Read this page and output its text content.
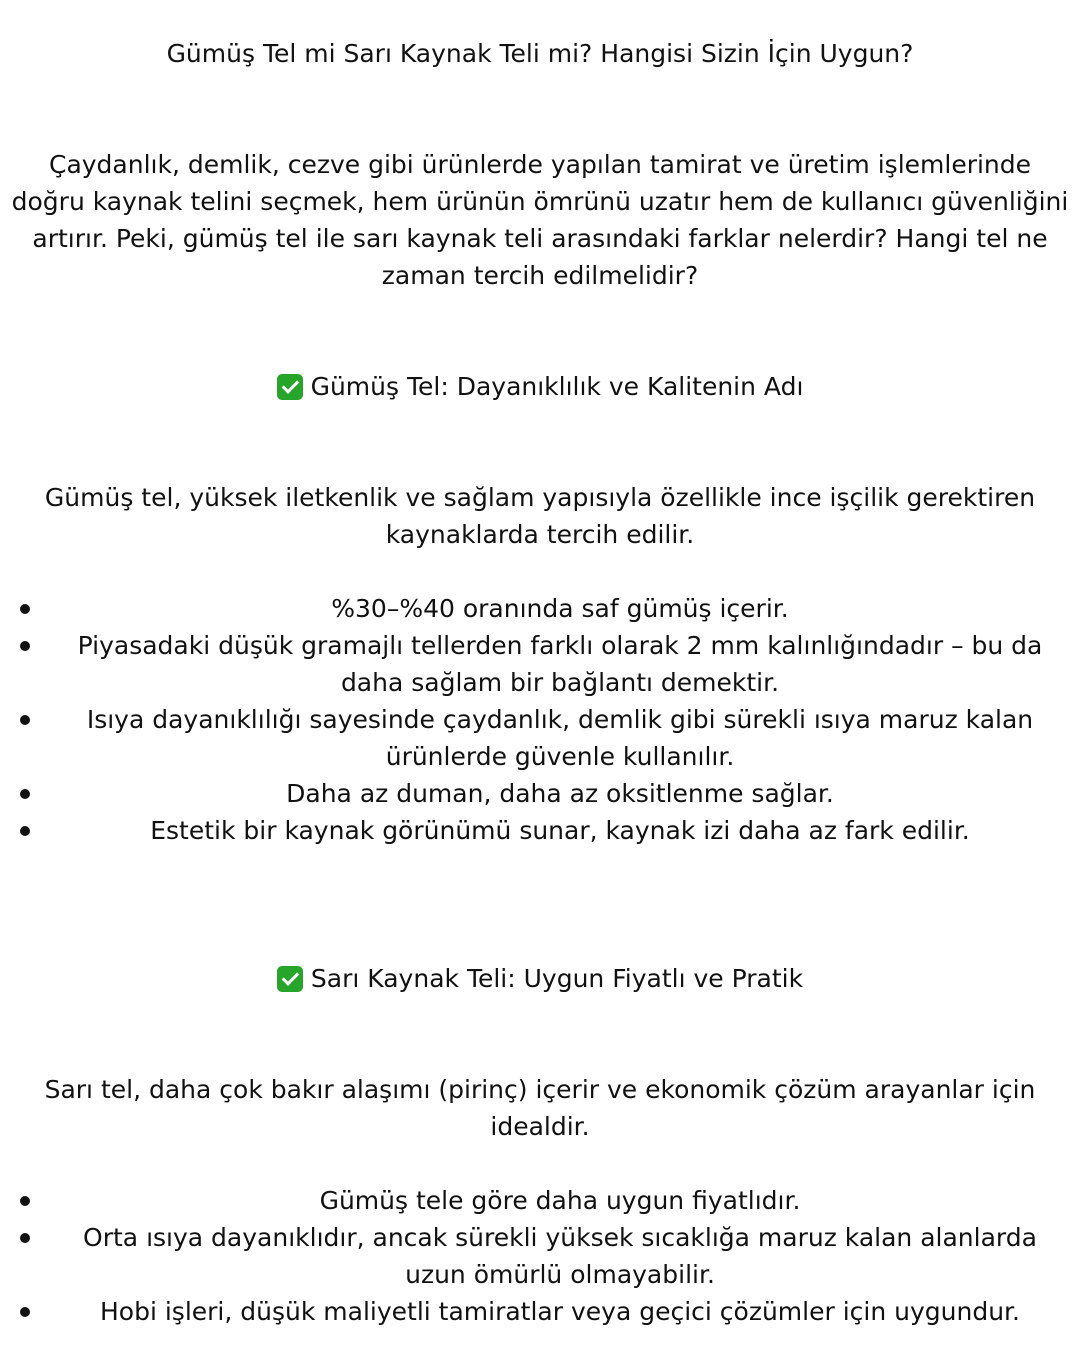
Gümüş Tel mi Sarı Kaynak Teli mi? Hangisi Sizin İçin Uygun?

Çaydanlık, demlik, cezve gibi ürünlerde yapılan tamirat ve üretim işlemlerinde doğru kaynak telini seçmek, hem ürünün ömrünü uzatır hem de kullanıcı güvenliğini artırır. Peki, gümüş tel ile sarı kaynak teli arasındaki farklar nelerdir? Hangi tel ne zaman tercih edilmelidir?

Gümüş Tel: Dayanıklılık ve Kalitenin Adı

Gümüş tel, yüksek iletkenlik ve sağlam yapısıyla özellikle ince işçilik gerektiren kaynaklarda tercih edilir.

%30–%40 oranında saf gümüş içerir.
Piyasadaki düşük gramajlı tellerden farklı olarak 2 mm kalınlığındadır – bu da daha sağlam bir bağlantı demektir.
Isıya dayanıklılığı sayesinde çaydanlık, demlik gibi sürekli ısıya maruz kalan ürünlerde güvenle kullanılır.
Daha az duman, daha az oksitlenme sağlar.
Estetik bir kaynak görünümü sunar, kaynak izi daha az fark edilir.
Sarı Kaynak Teli: Uygun Fiyatlı ve Pratik

Sarı tel, daha çok bakır alaşımı (pirinç) içerir ve ekonomik çözüm arayanlar için idealdir.

Gümüş tele göre daha uygun fiyatlıdır.
Orta ısıya dayanıklıdır, ancak sürekli yüksek sıcaklığa maruz kalan alanlarda uzun ömürlü olmayabilir.
Hobi işleri, düşük maliyetli tamiratlar veya geçici çözümler için uygundur.
